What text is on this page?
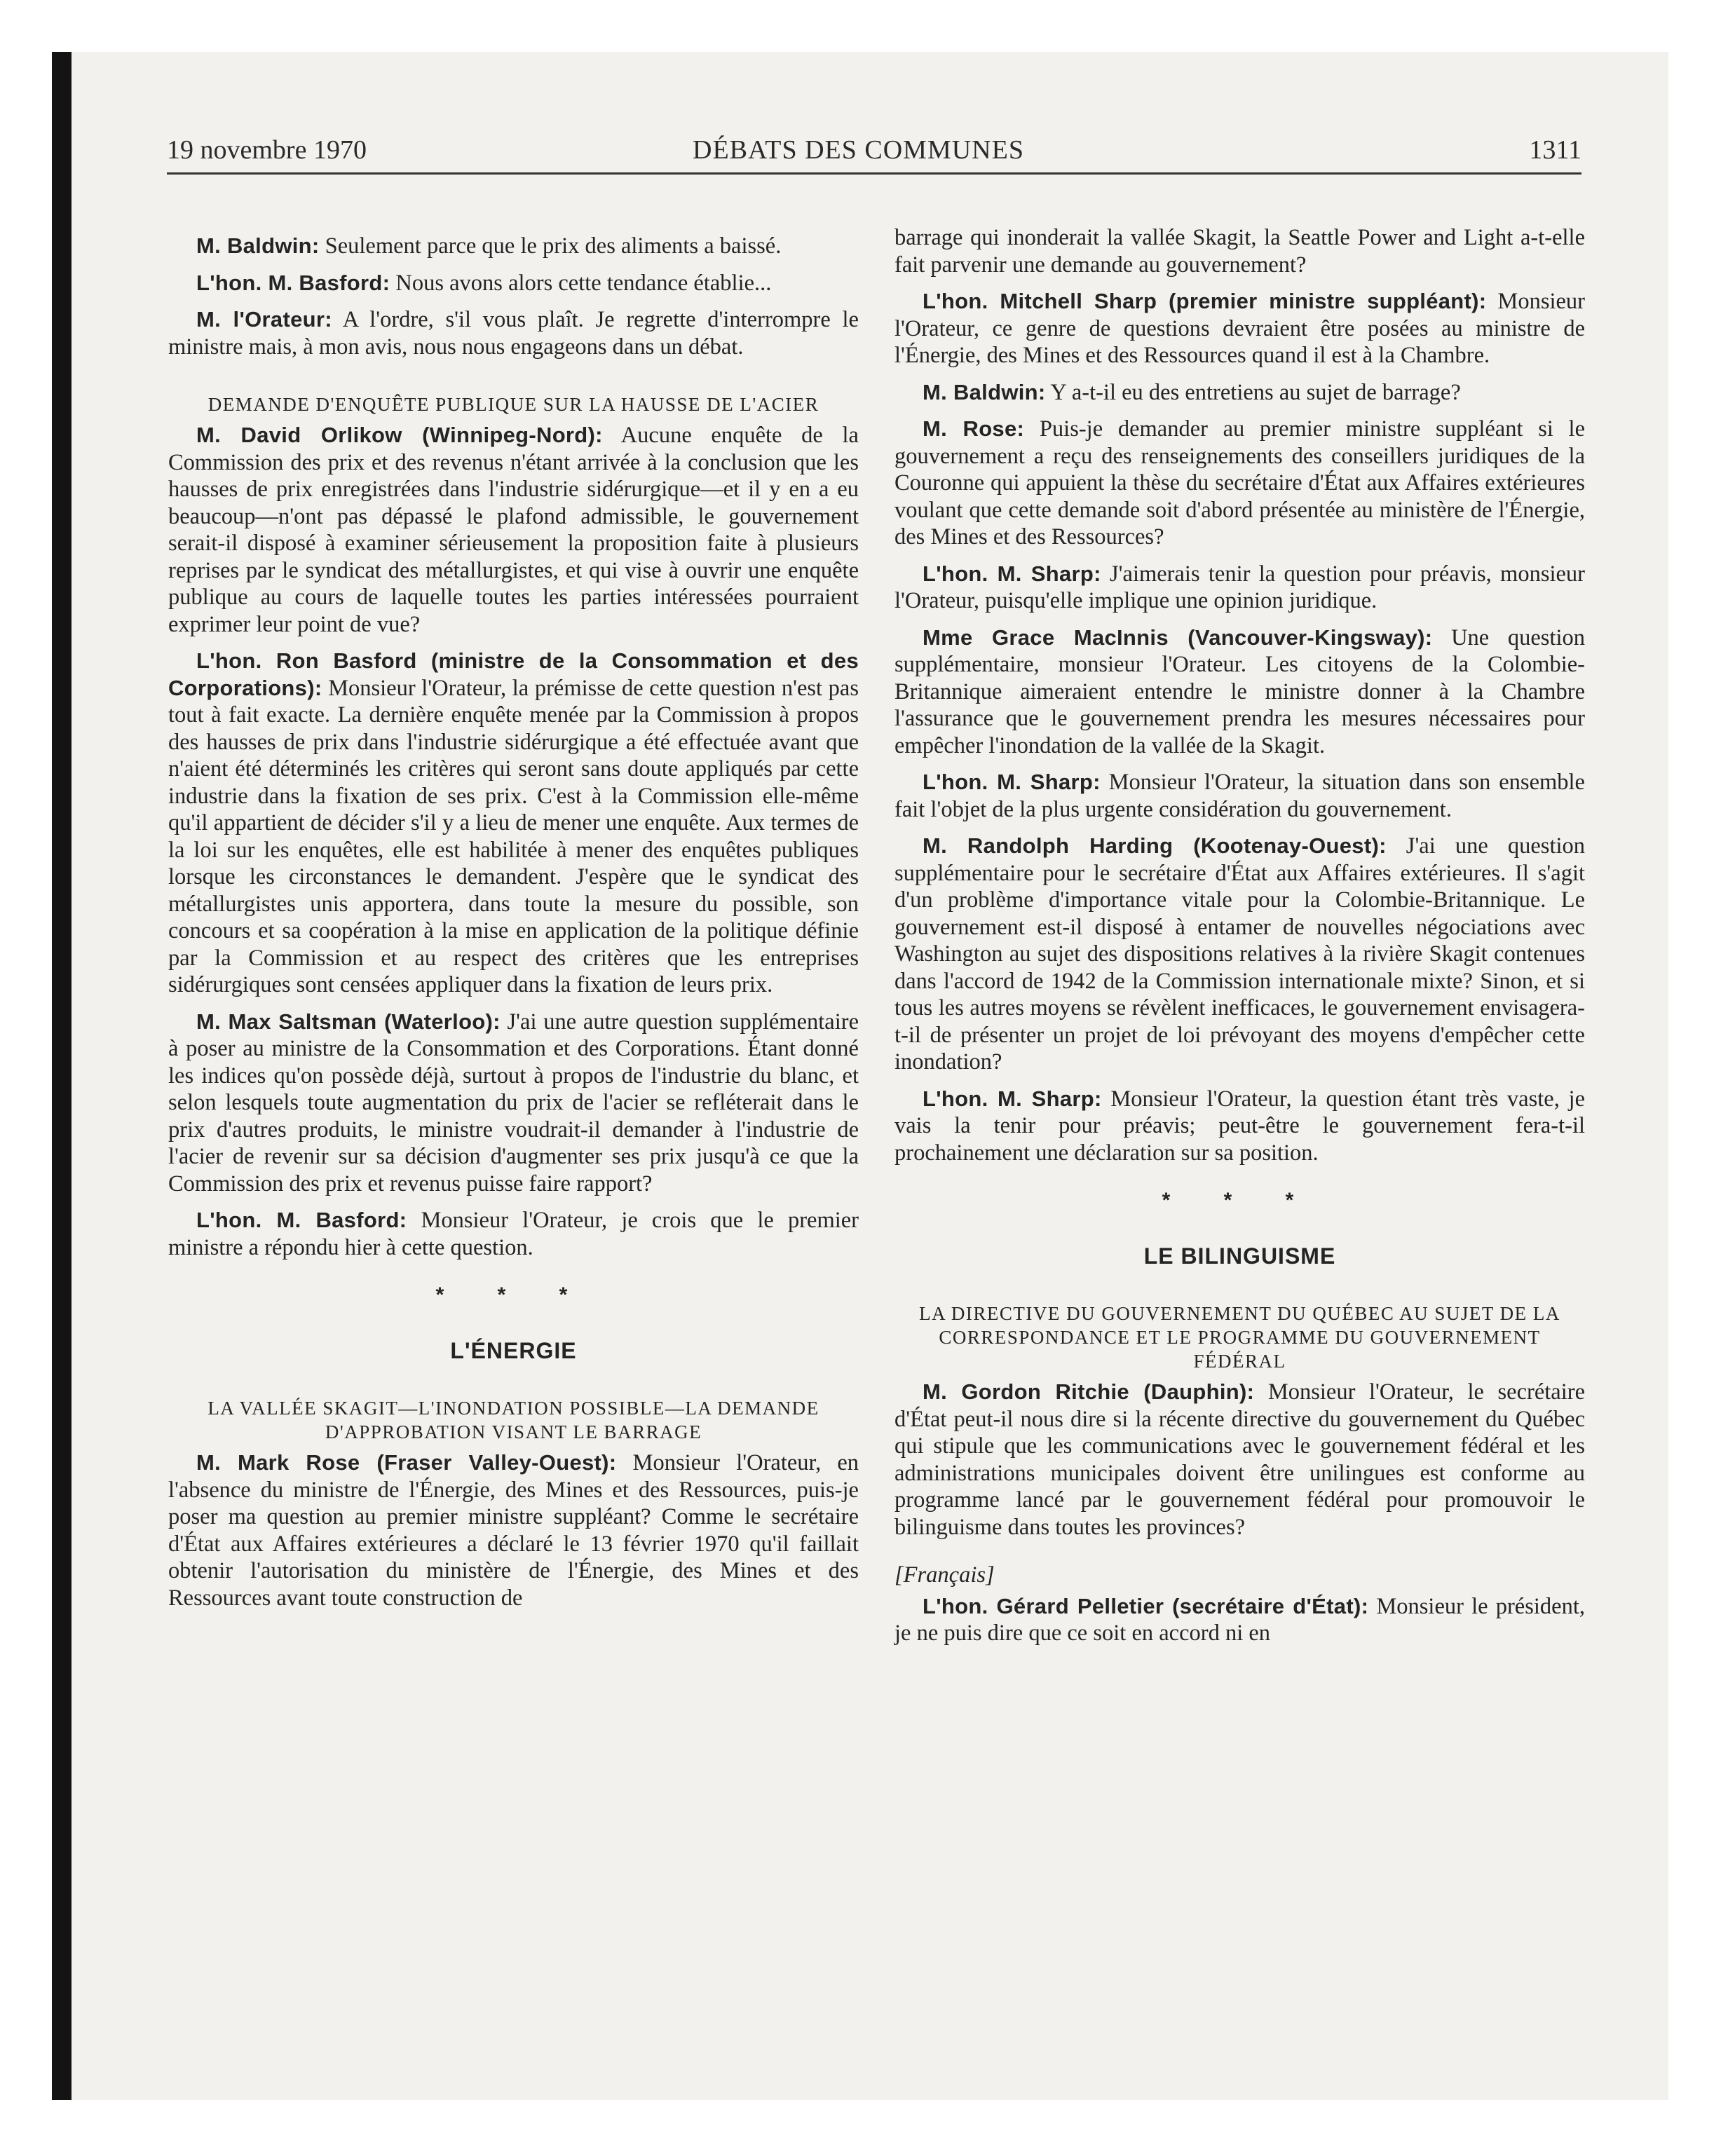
19 novembre 1970	DÉBATS DES COMMUNES	1311

M. Baldwin: Seulement parce que le prix des aliments a baissé.

L'hon. M. Basford: Nous avons alors cette tendance établie...

M. l'Orateur: A l'ordre, s'il vous plaît. Je regrette d'interrompre le ministre mais, à mon avis, nous nous engageons dans un débat.

DEMANDE D'ENQUÊTE PUBLIQUE SUR LA HAUSSE DE L'ACIER

M. David Orlikow (Winnipeg-Nord): Aucune enquête de la Commission des prix et des revenus n'étant arrivée à la conclusion que les hausses de prix enregistrées dans l'industrie sidérurgique—et il y en a eu beaucoup—n'ont pas dépassé le plafond admissible, le gouvernement serait-il disposé à examiner sérieusement la proposition faite à plusieurs reprises par le syndicat des métallurgistes, et qui vise à ouvrir une enquête publique au cours de laquelle toutes les parties intéressées pourraient exprimer leur point de vue?

L'hon. Ron Basford (ministre de la Consommation et des Corporations): Monsieur l'Orateur, la prémisse de cette question n'est pas tout à fait exacte. La dernière enquête menée par la Commission à propos des hausses de prix dans l'industrie sidérurgique a été effectuée avant que n'aient été déterminés les critères qui seront sans doute appliqués par cette industrie dans la fixation de ses prix. C'est à la Commission elle-même qu'il appartient de décider s'il y a lieu de mener une enquête. Aux termes de la loi sur les enquêtes, elle est habilitée à mener des enquêtes publiques lorsque les circonstances le demandent. J'espère que le syndicat des métallurgistes unis apportera, dans toute la mesure du possible, son concours et sa coopération à la mise en application de la politique définie par la Commission et au respect des critères que les entreprises sidérurgiques sont censées appliquer dans la fixation de leurs prix.

M. Max Saltsman (Waterloo): J'ai une autre question supplémentaire à poser au ministre de la Consommation et des Corporations. Étant donné les indices qu'on possède déjà, surtout à propos de l'industrie du blanc, et selon lesquels toute augmentation du prix de l'acier se refléterait dans le prix d'autres produits, le ministre voudrait-il demander à l'industrie de l'acier de revenir sur sa décision d'augmenter ses prix jusqu'à ce que la Commission des prix et revenus puisse faire rapport?

L'hon. M. Basford: Monsieur l'Orateur, je crois que le premier ministre a répondu hier à cette question.

* * *
L'ÉNERGIE
LA VALLÉE SKAGIT—L'INONDATION POSSIBLE—LA DEMANDE D'APPROBATION VISANT LE BARRAGE

M. Mark Rose (Fraser Valley-Ouest): Monsieur l'Orateur, en l'absence du ministre de l'Énergie, des Mines et des Ressources, puis-je poser ma question au premier ministre suppléant? Comme le secrétaire d'État aux Affaires extérieures a déclaré le 13 février 1970 qu'il faillait obtenir l'autorisation du ministère de l'Énergie, des Mines et des Ressources avant toute construction de

barrage qui inonderait la vallée Skagit, la Seattle Power and Light a-t-elle fait parvenir une demande au gouvernement?

L'hon. Mitchell Sharp (premier ministre suppléant): Monsieur l'Orateur, ce genre de questions devraient être posées au ministre de l'Énergie, des Mines et des Ressources quand il est à la Chambre.

M. Baldwin: Y a-t-il eu des entretiens au sujet de barrage?

M. Rose: Puis-je demander au premier ministre suppléant si le gouvernement a reçu des renseignements des conseillers juridiques de la Couronne qui appuient la thèse du secrétaire d'État aux Affaires extérieures voulant que cette demande soit d'abord présentée au ministère de l'Énergie, des Mines et des Ressources?

L'hon. M. Sharp: J'aimerais tenir la question pour préavis, monsieur l'Orateur, puisqu'elle implique une opinion juridique.

Mme Grace MacInnis (Vancouver-Kingsway): Une question supplémentaire, monsieur l'Orateur. Les citoyens de la Colombie-Britannique aimeraient entendre le ministre donner à la Chambre l'assurance que le gouvernement prendra les mesures nécessaires pour empêcher l'inondation de la vallée de la Skagit.

L'hon. M. Sharp: Monsieur l'Orateur, la situation dans son ensemble fait l'objet de la plus urgente considération du gouvernement.

M. Randolph Harding (Kootenay-Ouest): J'ai une question supplémentaire pour le secrétaire d'État aux Affaires extérieures. Il s'agit d'un problème d'importance vitale pour la Colombie-Britannique. Le gouvernement est-il disposé à entamer de nouvelles négociations avec Washington au sujet des dispositions relatives à la rivière Skagit contenues dans l'accord de 1942 de la Commission internationale mixte? Sinon, et si tous les autres moyens se révèlent inefficaces, le gouvernement envisagera-t-il de présenter un projet de loi prévoyant des moyens d'empêcher cette inondation?

L'hon. M. Sharp: Monsieur l'Orateur, la question étant très vaste, je vais la tenir pour préavis; peut-être le gouvernement fera-t-il prochainement une déclaration sur sa position.

* * *
LE BILINGUISME
LA DIRECTIVE DU GOUVERNEMENT DU QUÉBEC AU SUJET DE LA CORRESPONDANCE ET LE PROGRAMME DU GOUVERNEMENT FÉDÉRAL

M. Gordon Ritchie (Dauphin): Monsieur l'Orateur, le secrétaire d'État peut-il nous dire si la récente directive du gouvernement du Québec qui stipule que les communications avec le gouvernement fédéral et les administrations municipales doivent être unilingues est conforme au programme lancé par le gouvernement fédéral pour promouvoir le bilinguisme dans toutes les provinces?

[Français]

L'hon. Gérard Pelletier (secrétaire d'État): Monsieur le président, je ne puis dire que ce soit en accord ni en
